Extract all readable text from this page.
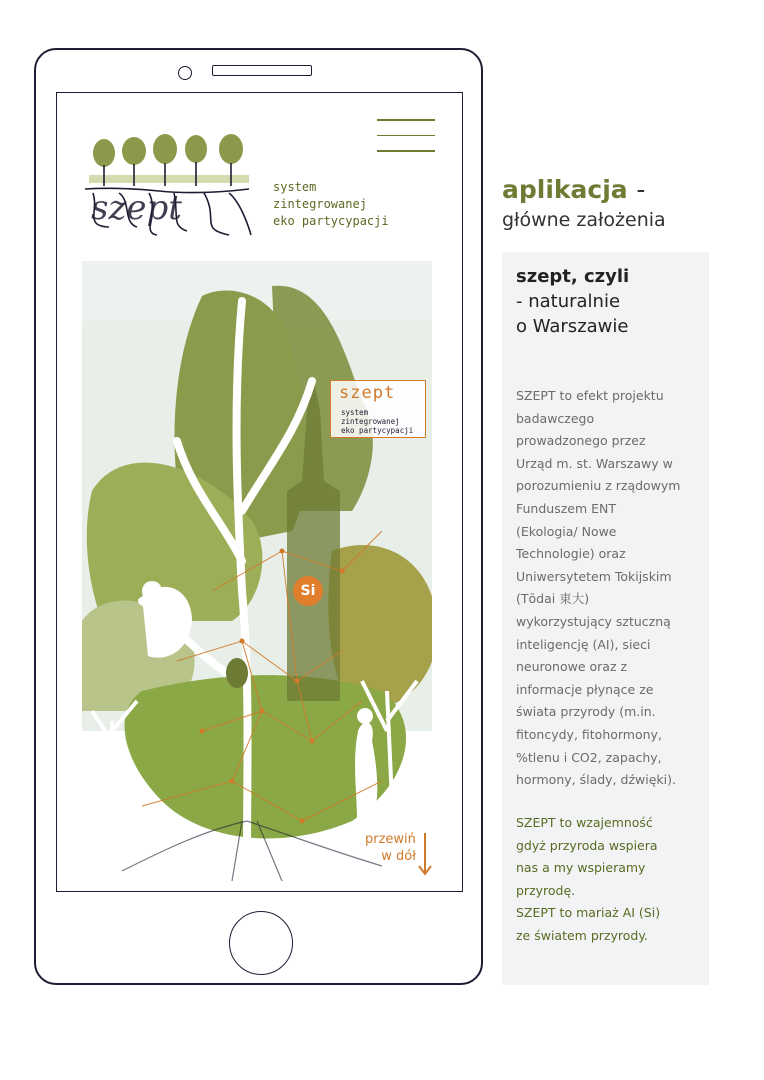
szept
system
zintegrowanej
eko partycypacji
szept
system
zintegrowanej
eko partycypacji
Si
przewiń
w dół
aplikacja -
główne założenia
szept, czyli
- naturalnie
o Warszawie
SZEPT to efekt projektu
badawczego
prowadzonego przez
Urząd m. st. Warszawy w
porozumieniu z rządowym
Funduszem ENT
(Ekologia/ Nowe
Technologie) oraz
Uniwersytetem Tokijskim
(Tōdai 東大)
wykorzystujący sztuczną
inteligencję (AI), sieci
neuronowe oraz z
informacje płynące ze
świata przyrody (m.in.
fitoncydy, fitohormony,
%tlenu i CO2, zapachy,
hormony, ślady, dźwięki).
SZEPT to wzajemność
gdyż przyroda wspiera
nas a my wspieramy
przyrodę.
SZEPT to mariaż AI (Si)
ze światem przyrody.
